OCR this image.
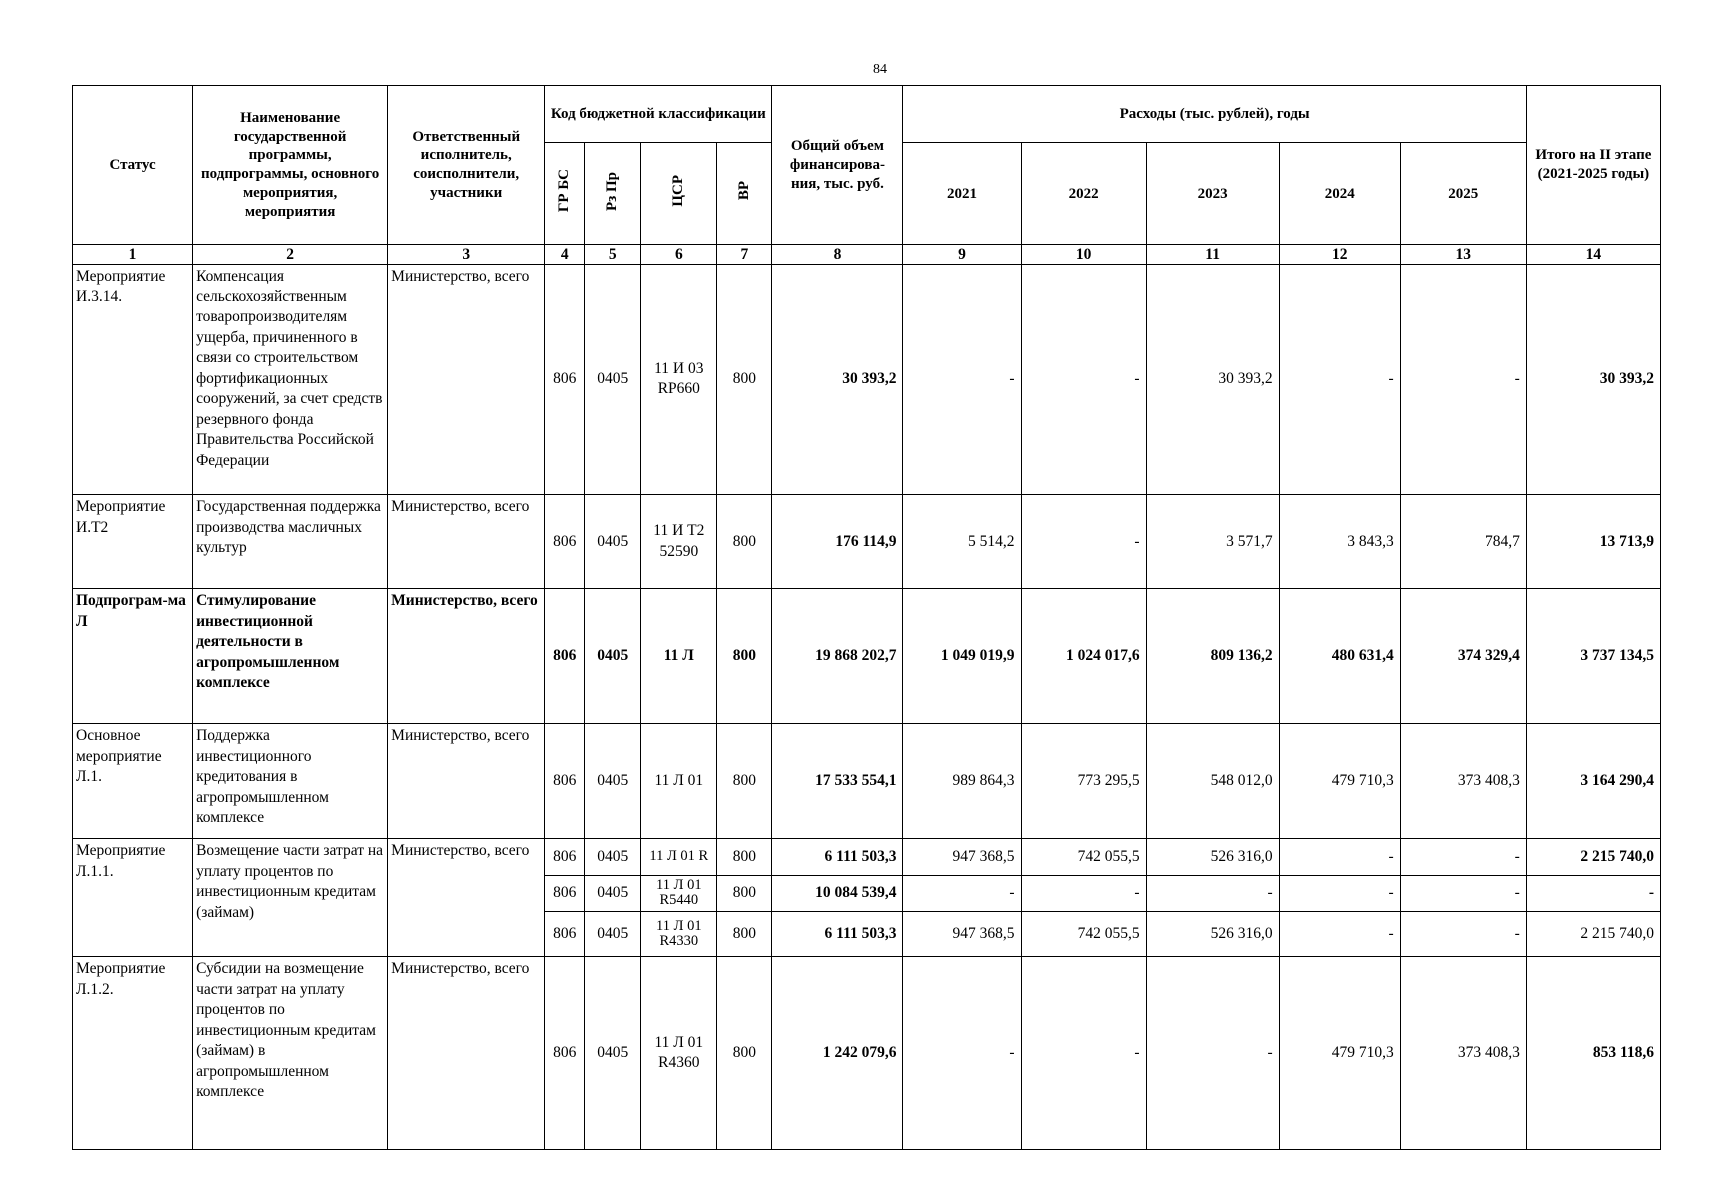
84
Статус	Наименование государственной программы, подпрограммы, основного мероприятия, мероприятия	Ответственный исполнитель, соисполнители, участники	Код бюджетной классификации				Общий объем финансирова-ния, тыс. руб.	Расходы (тыс. рублей), годы					Итого на II этапе (2021-2025 годы)
			ГР БС	Рз Пр	ЦСР	ВР		2021	2022	2023	2024	2025	
1	2	3	4	5	6	7	8	9	10	11	12	13	14
Мероприятие И.3.14.	Компенсация сельскохозяйственным товаропроизводителям ущерба, причиненного в связи со строительством фортификационных сооружений, за счет средств резервного фонда Правительства Российской Федерации	Министерство, всего	806	0405	11 И 03 RP660	800	30 393,2	-	-	30 393,2	-	-	30 393,2
Мероприятие И.Т2	Государственная поддержка производства масличных культур	Министерство, всего	806	0405	11 И Т2 52590	800	176 114,9	5 514,2	-	3 571,7	3 843,3	784,7	13 713,9
Подпрограм-ма Л	Стимулирование инвестиционной деятельности в агропромышленном комплексе	Министерство, всего	806	0405	11 Л	800	19 868 202,7	1 049 019,9	1 024 017,6	809 136,2	480 631,4	374 329,4	3 737 134,5
Основное мероприятие Л.1.	Поддержка инвестиционного кредитования в агропромышленном комплексе	Министерство, всего	806	0405	11 Л 01	800	17 533 554,1	989 864,3	773 295,5	548 012,0	479 710,3	373 408,3	3 164 290,4
Мероприятие Л.1.1.	Возмещение части затрат на уплату процентов по инвестиционным кредитам (займам)	Министерство, всего	806	0405	11 Л 01 R	800	6 111 503,3	947 368,5	742 055,5	526 316,0	-	-	2 215 740,0
			806	0405	11 Л 01 R5440	800	10 084 539,4	-	-	-	-	-	-
			806	0405	11 Л 01 R4330	800	6 111 503,3	947 368,5	742 055,5	526 316,0	-	-	2 215 740,0
Мероприятие Л.1.2.	Субсидии на возмещение части затрат на уплату процентов по инвестиционным кредитам (займам) в агропромышленном комплексе	Министерство, всего	806	0405	11 Л 01 R4360	800	1 242 079,6	-	-	-	479 710,3	373 408,3	853 118,6
